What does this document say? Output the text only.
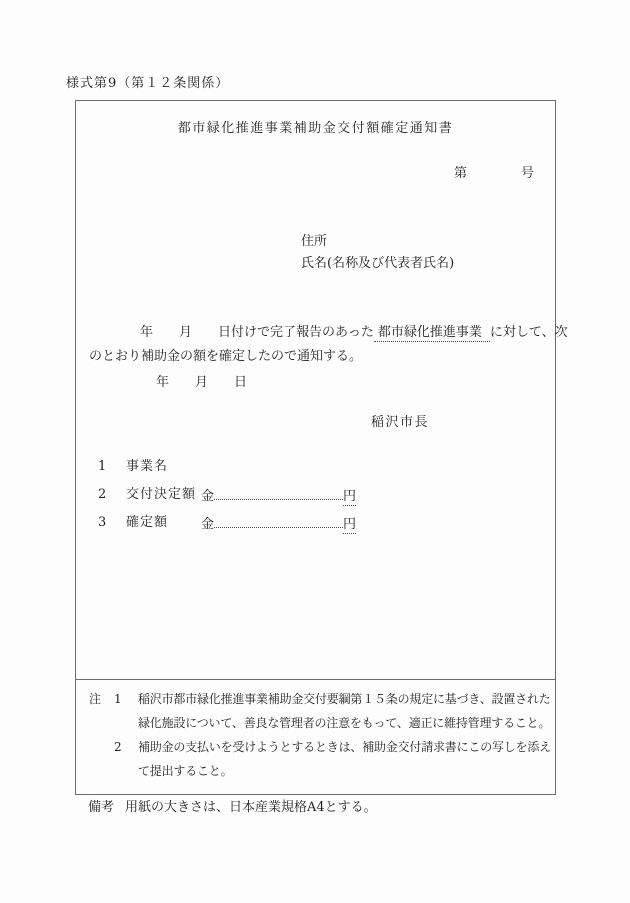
様式第9（第１２条関係）
都市緑化推進事業補助金交付額確定通知書
第	号
住所
氏名(名称及び代表者氏名)
年　　月　　日付けで完了報告のあった 都市緑化推進事業 に対して、次
のとおり補助金の額を確定したので通知する。
年　　月　　日
稲沢市長
1 事業名
2 交付決定額 金	円
3 確定額	金	円
注 1 稲沢市都市緑化推進事業補助金交付要綱第１５条の規定に基づき、設置された
緑化施設について、善良な管理者の注意をもって、適正に維持管理すること。
2 補助金の支払いを受けようとするときは、補助金交付請求書にこの写しを添え
て提出すること。
備考 用紙の大きさは、日本産業規格A4とする。
